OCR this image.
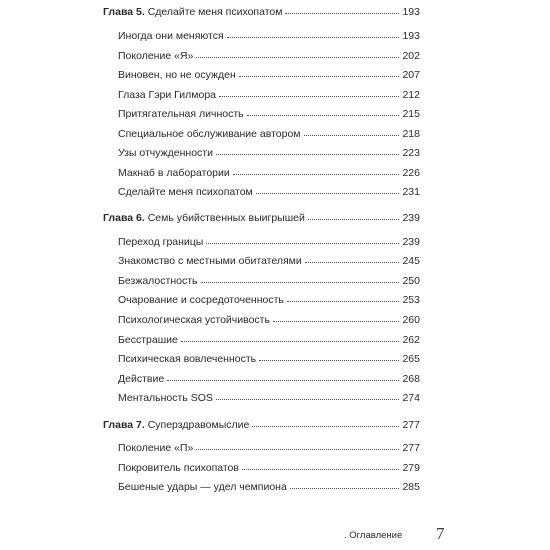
Глава 5. Сделайте меня психопатом	193
Иногда они меняются	193
Поколение «Я»	202
Виновен, но не осужден	207
Глаза Гэри Гилмора	212
Притягательная личность	215
Специальное обслуживание автором	218
Узы отчужденности	223
Макнаб в лаборатории	226
Сделайте меня психопатом	231
Глава 6. Семь убийственных выигрышей	239
Переход границы	239
Знакомство с местными обитателями	245
Безжалостность	250
Очарование и сосредоточенность	253
Психологическая устойчивость	260
Бесстрашие	262
Психическая вовлеченность	265
Действие	268
Ментальность SOS	274
Глава 7. Суперздравомыслие	277
Поколение «П»	277
Покровитель психопатов	279
Бешеные удары — удел чемпиона	285
. Оглавление 7
